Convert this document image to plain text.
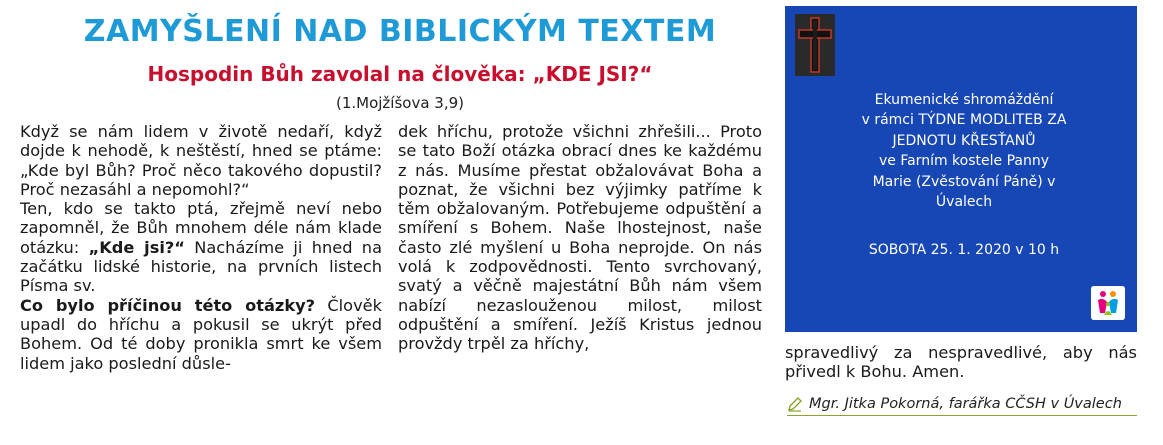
ZAMYŠLENÍ NAD BIBLICKÝM TEXTEM
Hospodin Bůh zavolal na člověka: „KDE JSI?“
(1.Mojžíšova 3,9)

Když se nám lidem v životě nedaří, když dojde k nehodě, k neštěstí, hned se ptáme: „Kde byl Bůh? Proč něco takového dopustil? Proč nezasáhl a nepomohl?“

Ten, kdo se takto ptá, zřejmě neví nebo zapomněl, že Bůh mnohem déle nám klade otázku: „Kde jsi?“ Nacházíme ji hned na začátku lidské historie, na prvních listech Písma sv.

Co bylo příčinou této otázky? Člověk upadl do hříchu a pokusil se ukrýt před Bohem. Od té doby pronikla smrt ke všem lidem jako poslední důsle-

dek hříchu, protože všichni zhřešili... Proto se tato Boží otázka obrací dnes ke každému z nás. Musíme přestat obžalovávat Boha a poznat, že všichni bez výjimky patříme k těm obžalovaným. Potřebujeme odpuštění a smíření s Bohem. Naše lhostejnost, naše často zlé myšlení u Boha neprojde. On nás volá k zodpovědnosti. Tento svrchovaný, svatý a věčně majestátní Bůh nám všem nabízí nezaslouženou milost, milost odpuštění a smíření. Ježíš Kristus jednou provždy trpěl za hříchy,

Ekumenické shromáždění
v rámci TÝDNE MODLITEB ZA
JEDNOTU KŘESŤANŮ
ve Farním kostele Panny
Marie (Zvěstování Páně) v
Úvalech
SOBOTA 25. 1. 2020 v 10 h

spravedlivý za nespravedlivé, aby nás přivedl k Bohu. Amen.

Mgr. Jitka Pokorná, farářka CČSH v Úvalech
